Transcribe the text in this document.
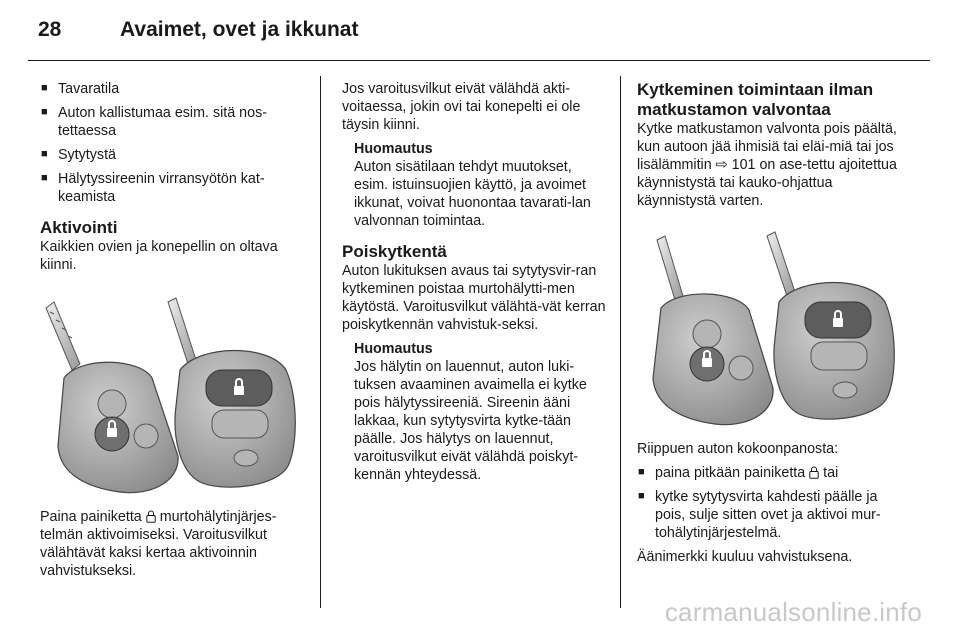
28	Avaimet, ovet ja ikkunat
■ Tavaratila
■ Auton kallistumaa esim. sitä nos-tettaessa
■ Sytytystä
■ Hälytyssireenin virransyötön kat-keamista
Aktivointi

Kaikkien ovien ja konepellin on oltava kiinni.

Paina painiketta  murtohälytinjärjes-telmän aktivoimiseksi. Varoitusvilkut välähtävät kaksi kertaa aktivoinnin vahvistukseksi.

Jos varoitusvilkut eivät välähdä akti-voitaessa, jokin ovi tai konepelti ei ole täysin kiinni.

Huomautus

Auton sisätilaan tehdyt muutokset, esim. istuinsuojien käyttö, ja avoimet ikkunat, voivat huonontaa tavarati-lan valvonnan toimintaa.

Poiskytkentä

Auton lukituksen avaus tai sytytysvir-ran kytkeminen poistaa murtohälytti-men käytöstä. Varoitusvilkut välähtä-vät kerran poiskytkennän vahvistuk-seksi.

Huomautus

Jos hälytin on lauennut, auton luki-tuksen avaaminen avaimella ei kytke pois hälytyssireeniä. Sireenin ääni lakkaa, kun sytytysvirta kytke-tään päälle. Jos hälytys on lauennut, varoitusvilkut eivät välähdä poiskyt-kennän yhteydessä.

Kytkeminen toimintaan ilman matkustamon valvontaa

Kytke matkustamon valvonta pois päältä, kun autoon jää ihmisiä tai eläi-miä tai jos lisälämmitin ⇨ 101 on ase-tettu ajoitettua käynnistystä tai kauko-ohjattua käynnistystä varten.

Riippuen auton kokoonpanosta:

■ paina pitkään painiketta  tai
■ kytke sytytysvirta kahdesti päälle ja pois, sulje sitten ovet ja aktivoi mur-tohälytinjärjestelmä.

Äänimerkki kuuluu vahvistuksena.

carmanualsonline.info
